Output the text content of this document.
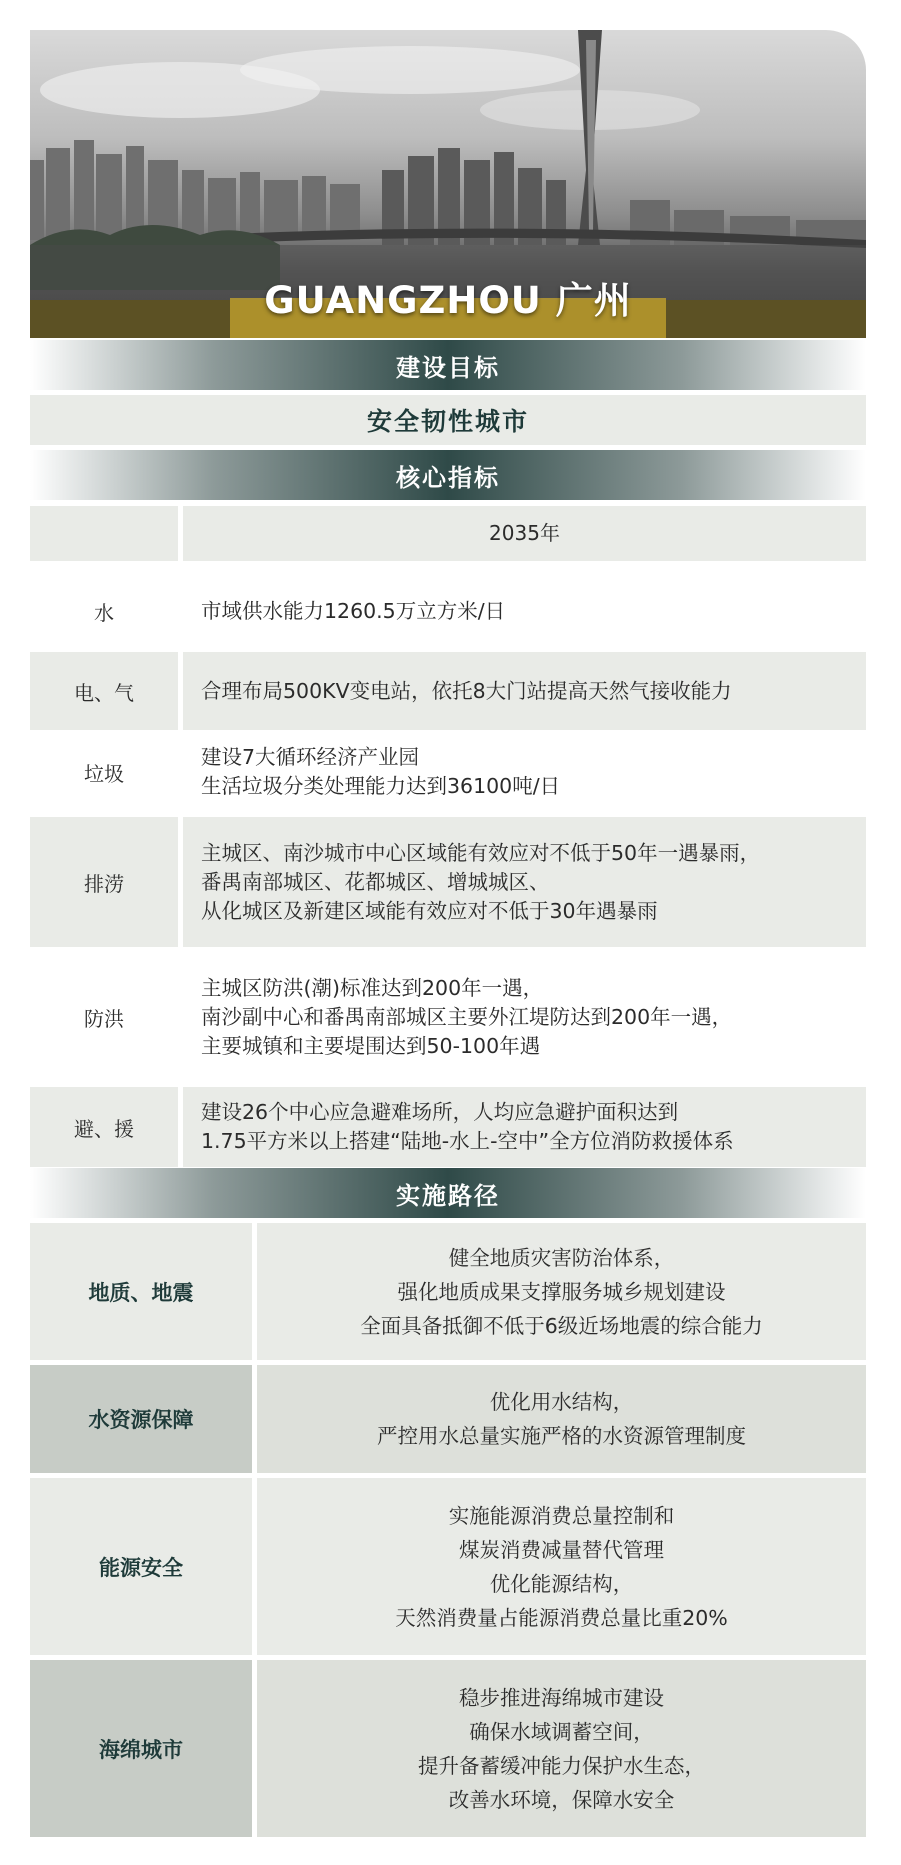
GUANGZHOU 广州
建设目标
安全韧性城市
核心指标
2035年
水	市域供水能力1260.5万立方米/日
电、气	合理布局500KV变电站，依托8大门站提高天然气接收能力
垃圾
建设7大循环经济产业园
生活垃圾分类处理能力达到36100吨/日
排涝
主城区、南沙城市中心区域能有效应对不低于50年一遇暴雨，
番禺南部城区、花都城区、增城城区、
从化城区及新建区域能有效应对不低于30年遇暴雨
防洪
主城区防洪(潮)标准达到200年一遇，
南沙副中心和番禺南部城区主要外江堤防达到200年一遇，
主要城镇和主要堤围达到50-100年遇
避、援
建设26个中心应急避难场所，人均应急避护面积达到
1.75平方米以上搭建“陆地-水上-空中”全方位消防救援体系
实施路径
地质、地震
健全地质灾害防治体系，
强化地质成果支撑服务城乡规划建设
全面具备抵御不低于6级近场地震的综合能力
水资源保障
优化用水结构，
严控用水总量实施严格的水资源管理制度
能源安全
实施能源消费总量控制和
煤炭消费减量替代管理
优化能源结构，
天然消费量占能源消费总量比重20%
海绵城市
稳步推进海绵城市建设
确保水域调蓄空间，
提升备蓄缓冲能力保护水生态，
改善水环境，保障水安全
